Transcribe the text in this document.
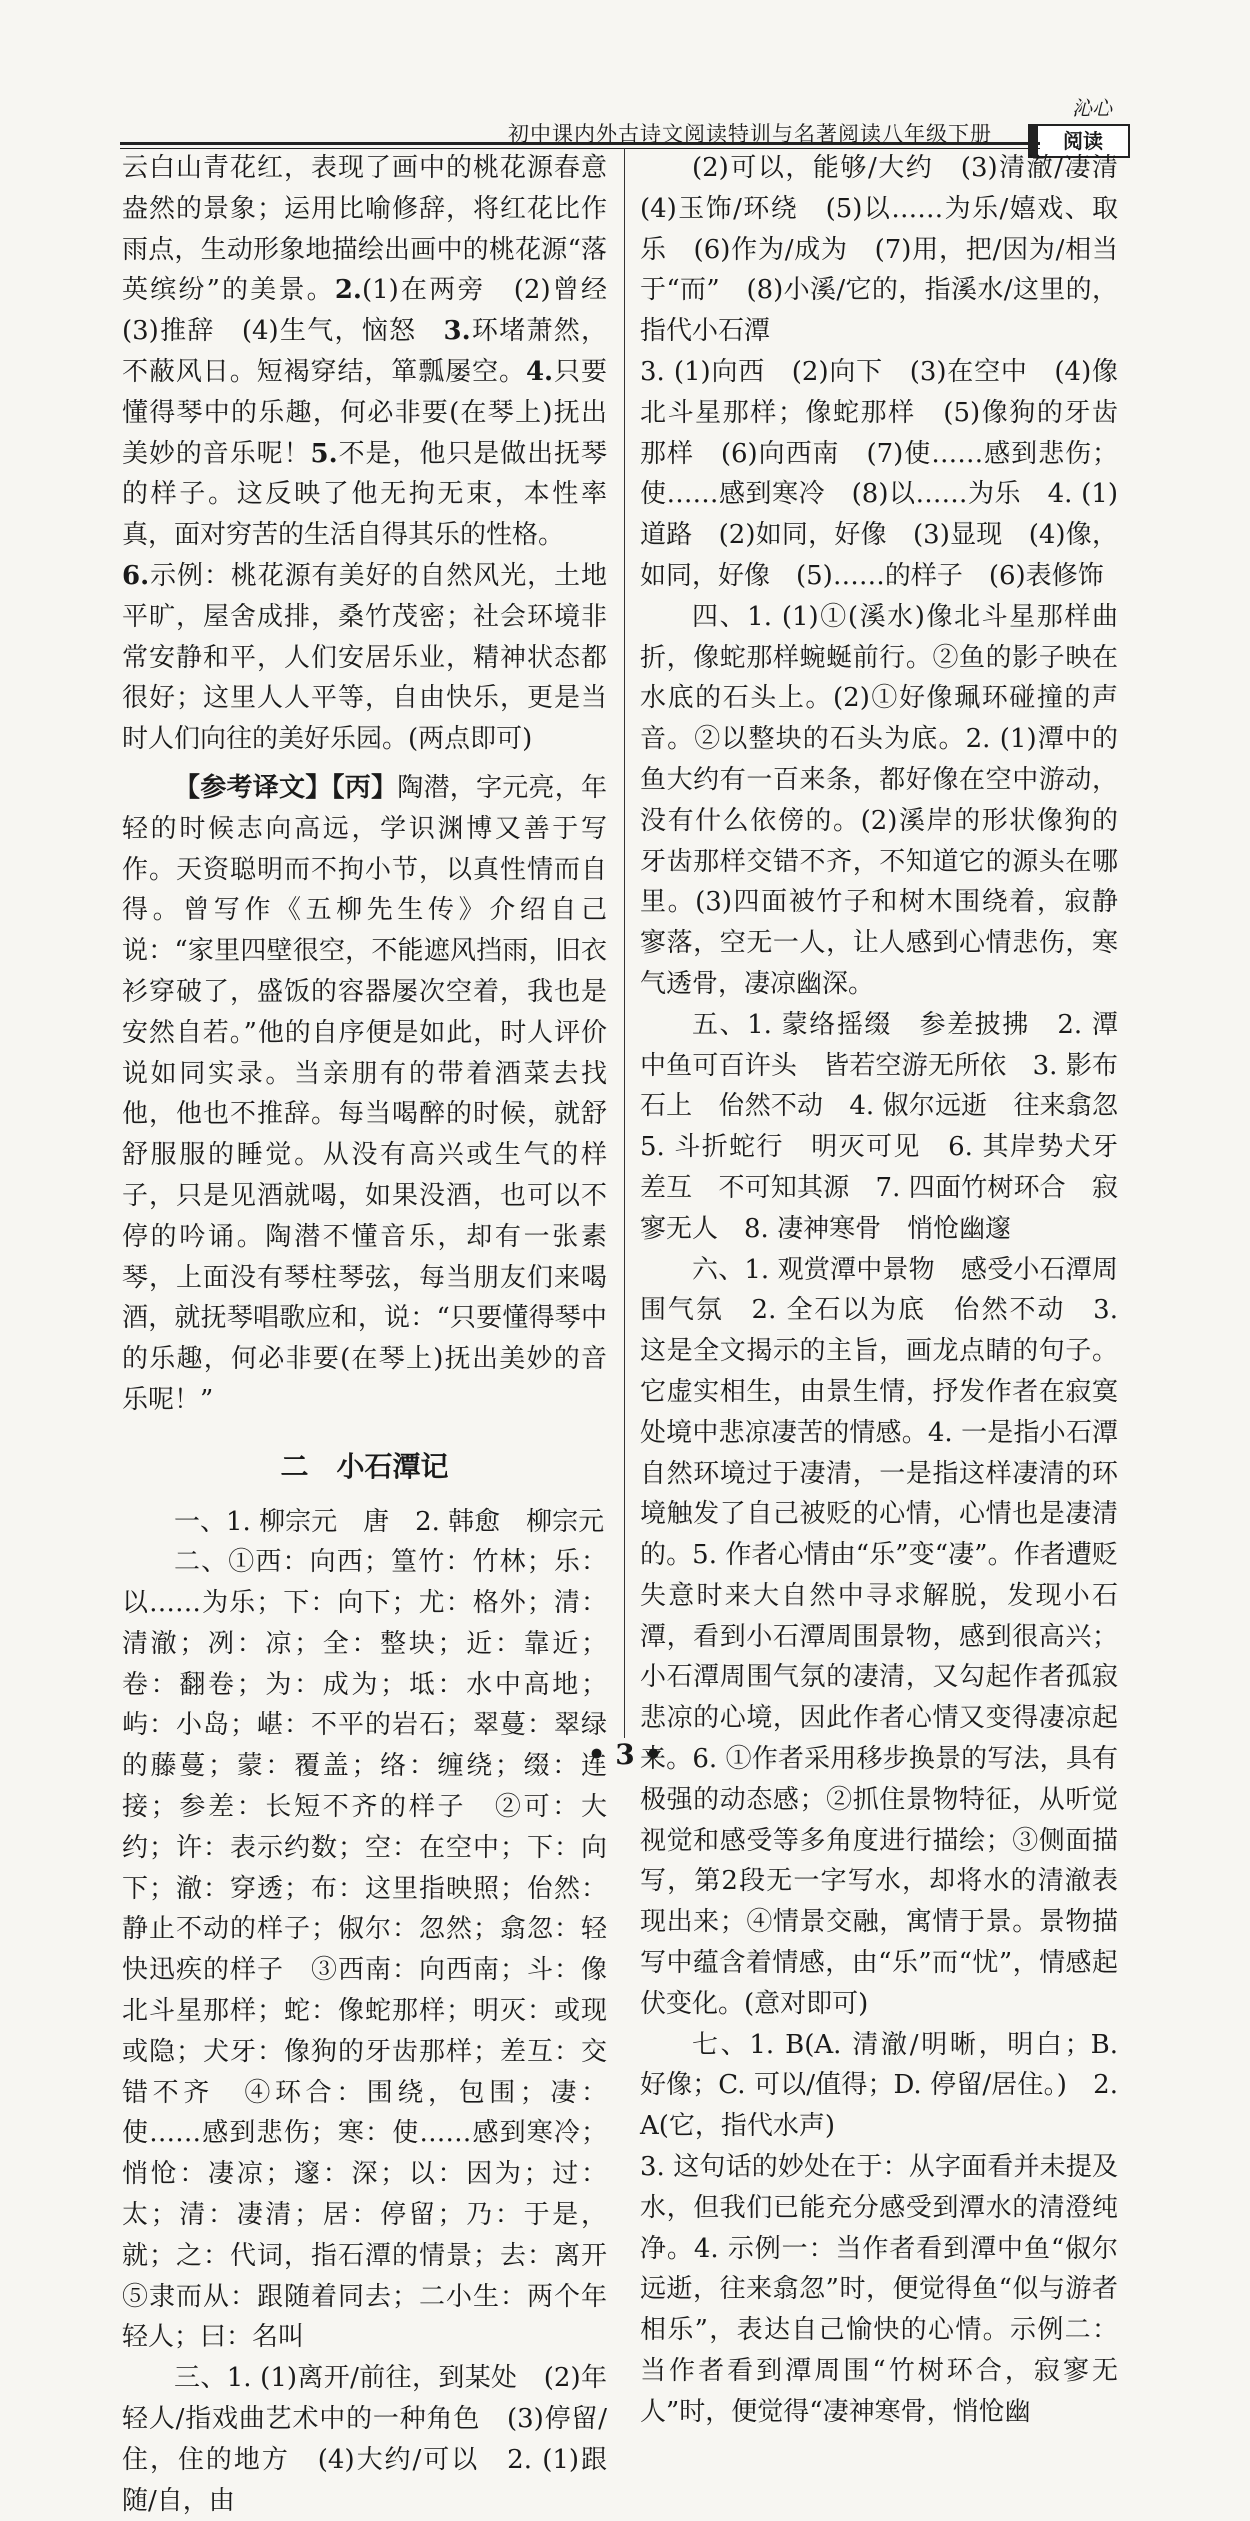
初中课内外古诗文阅读特训与名著阅读八年级下册
沁心
阅读

云白山青花红，表现了画中的桃花源春意盎然的景象；运用比喻修辞，将红花比作雨点，生动形象地描绘出画中的桃花源“落英缤纷”的美景。2.(1)在两旁　(2)曾经　(3)推辞　(4)生气，恼怒　 3.环堵萧然，不蔽风日。短褐穿结，箪瓢屡空。4.只要懂得琴中的乐趣，何必非要(在琴上)抚出美妙的音乐呢！5.不是，他只是做出抚琴的样子。这反映了他无拘无束，本性率真，面对穷苦的生活自得其乐的性格。

6.示例：桃花源有美好的自然风光，土地平旷，屋舍成排，桑竹茂密；社会环境非常安静和平，人们安居乐业，精神状态都很好；这里人人平等，自由快乐，更是当时人们向往的美好乐园。(两点即可)

【参考译文】【丙】陶潜，字元亮，年轻的时候志向高远，学识渊博又善于写作。天资聪明而不拘小节，以真性情而自得。曾写作《五柳先生传》介绍自己说：“家里四壁很空，不能遮风挡雨，旧衣衫穿破了，盛饭的容器屡次空着，我也是安然自若。”他的自序便是如此，时人评价说如同实录。当亲朋有的带着酒菜去找他，他也不推辞。每当喝醉的时候，就舒舒服服的睡觉。从没有高兴或生气的样子，只是见酒就喝，如果没酒，也可以不停的吟诵。陶潜不懂音乐，却有一张素琴，上面没有琴柱琴弦，每当朋友们来喝酒，就抚琴唱歌应和，说：“只要懂得琴中的乐趣，何必非要(在琴上)抚出美妙的音乐呢！”

二　小石潭记

一、1. 柳宗元　唐　2. 韩愈　柳宗元

二、①西：向西；篁竹：竹林；乐：以……为乐；下：向下；尤：格外；清：清澈；冽：凉；全：整块；近：靠近；卷：翻卷；为：成为；坻：水中高地；屿：小岛；嵁：不平的岩石；翠蔓：翠绿的藤蔓；蒙：覆盖；络：缠绕；缀：连接；参差：长短不齐的样子　②可：大约；许：表示约数；空：在空中；下：向下；澈：穿透；布：这里指映照；佁然：静止不动的样子；俶尔：忽然；翕忽：轻快迅疾的样子　③西南：向西南；斗：像北斗星那样；蛇：像蛇那样；明灭：或现或隐；犬牙：像狗的牙齿那样；差互：交错不齐　④环合：围绕，包围；凄：使……感到悲伤；寒：使……感到寒冷；悄怆：凄凉；邃：深；以：因为；过：太；清：凄清；居：停留；乃：于是，就；之：代词，指石潭的情景；去：离开　⑤隶而从：跟随着同去；二小生：两个年轻人；曰：名叫

三、1. (1)离开/前往，到某处　(2)年轻人/指戏曲艺术中的一种角色　(3)停留/住，住的地方　(4)大约/可以　2. (1)跟随/自，由

(2)可以，能够/大约　(3)清澈/凄清　(4)玉饰/环绕　(5)以……为乐/嬉戏、取乐　(6)作为/成为　(7)用，把/因为/相当于“而”　(8)小溪/它的，指溪水/这里的，指代小石潭

3. (1)向西　(2)向下　(3)在空中　(4)像北斗星那样；像蛇那样　(5)像狗的牙齿那样　(6)向西南　(7)使……感到悲伤；使……感到寒冷　(8)以……为乐　4. (1)道路　(2)如同，好像　(3)显现　(4)像，如同，好像　(5)……的样子　(6)表修饰

四、1. (1)①(溪水)像北斗星那样曲折，像蛇那样蜿蜒前行。②鱼的影子映在水底的石头上。(2)①好像珮环碰撞的声音。②以整块的石头为底。2. (1)潭中的鱼大约有一百来条，都好像在空中游动，没有什么依傍的。(2)溪岸的形状像狗的牙齿那样交错不齐，不知道它的源头在哪里。(3)四面被竹子和树木围绕着，寂静寥落，空无一人，让人感到心情悲伤，寒气透骨，凄凉幽深。

五、1. 蒙络摇缀　参差披拂　2. 潭中鱼可百许头　皆若空游无所依　3. 影布石上　佁然不动　4. 俶尔远逝　往来翕忽　5. 斗折蛇行　明灭可见　6. 其岸势犬牙差互　不可知其源　7. 四面竹树环合　寂寥无人　8. 凄神寒骨　悄怆幽邃

六、1. 观赏潭中景物　感受小石潭周围气氛　2. 全石以为底　佁然不动　3. 这是全文揭示的主旨，画龙点睛的句子。它虚实相生，由景生情，抒发作者在寂寞处境中悲凉凄苦的情感。4. 一是指小石潭自然环境过于凄清，一是指这样凄清的环境触发了自己被贬的心情，心情也是凄清的。5. 作者心情由“乐”变“凄”。作者遭贬失意时来大自然中寻求解脱，发现小石潭，看到小石潭周围景物，感到很高兴；小石潭周围气氛的凄清，又勾起作者孤寂悲凉的心境，因此作者心情又变得凄凉起来。6. ①作者采用移步换景的写法，具有极强的动态感；②抓住景物特征，从听觉视觉和感受等多角度进行描绘；③侧面描写，第2段无一字写水，却将水的清澈表现出来；④情景交融，寓情于景。景物描写中蕴含着情感，由“乐”而“忧”，情感起伏变化。(意对即可)

七、1. B(A. 清澈/明晰，明白；B. 好像；C. 可以/值得；D. 停留/居住。)　2. A(它，指代水声)

3. 这句话的妙处在于：从字面看并未提及水，但我们已能充分感受到潭水的清澄纯净。4. 示例一：当作者看到潭中鱼“俶尔远逝，往来翕忽”时，便觉得鱼“似与游者相乐”，表达自己愉快的心情。示例二：当作者看到潭周围“竹树环合，寂寥无人”时，便觉得“凄神寒骨，悄怆幽

• 3 •
